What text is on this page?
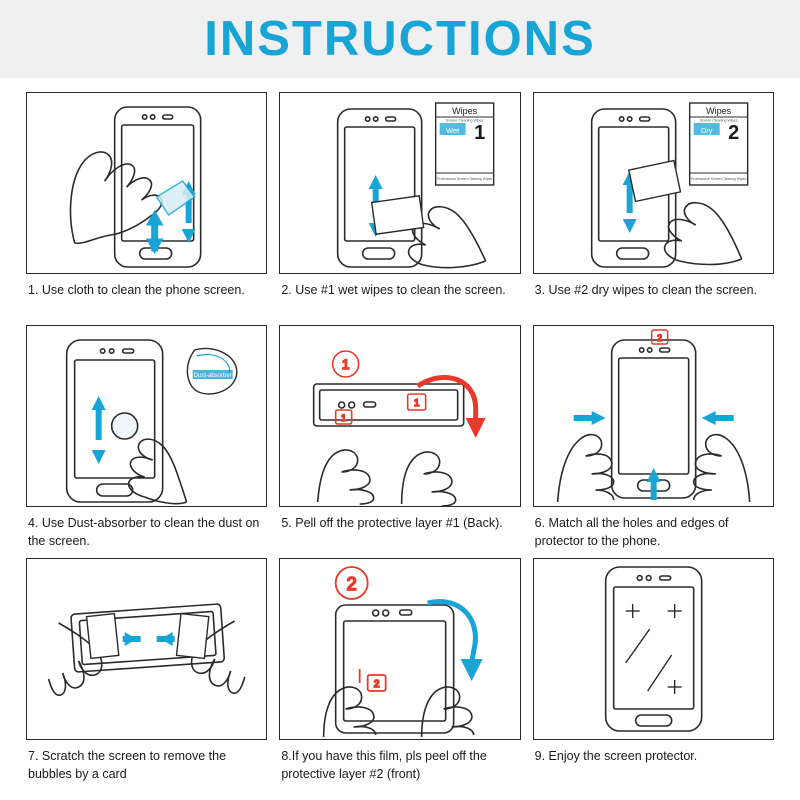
INSTRUCTIONS
1. Use cloth to clean the phone screen.
Wipes
Screen Cleaning Wipes
Wet 1
Professional Screen Cleaning Wipes
2. Use #1 wet wipes to clean the screen.
Wipes
Screen Cleaning Wipes
Dry 2
Professional Screen Cleaning Wipes
3. Use #2 dry wipes to clean the screen.
Dust-absorber
4. Use Dust-absorber to clean the dust on the screen.
1
1
1
5. Pell off the protective layer #1 (Back).
2
6. Match all the holes and edges of protector to the phone.
7. Scratch the screen to remove the bubbles by a card
2
2
8.If you have this film, pls peel off the protective layer #2 (front)
9. Enjoy the screen protector.
